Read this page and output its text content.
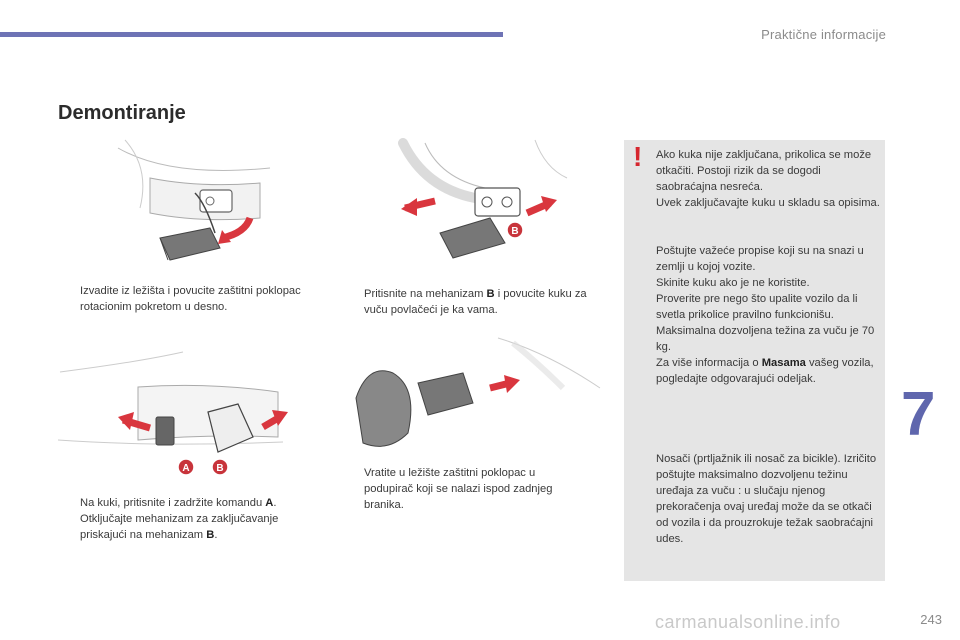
Praktične informacije
7
Demontiranje
B
A	B
Izvadite iz ležišta i povucite zaštitni poklopac rotacionim pokretom u desno.
Pritisnite na mehanizam B i povucite kuku za vuču povlačeći je ka vama.
Na kuki, pritisnite i zadržite komandu A.
Otključajte mehanizam za zaključavanje priskajući na mehanizam B.
Vratite u ležište zaštitni poklopac u podupirač koji se nalazi ispod zadnjeg branika.
! Ako kuka nije zaključana, prikolica se može otkačiti. Postoji rizik da se dogodi saobraćajna nesreća.
Uvek zaključavajte kuku u skladu sa opisima.
Poštujte važeće propise koji su na snazi u zemlji u kojoj vozite.
Skinite kuku ako je ne koristite.
Proverite pre nego što upalite vozilo da li svetla prikolice pravilno funkcionišu.
Maksimalna dozvoljena težina za vuču je 70 kg.
Za više informacija o Masama vašeg vozila, pogledajte odgovarajući odeljak.
Nosači (prtljažnik ili nosač za bicikle). Izričito poštujte maksimalno dozvoljenu težinu uređaja za vuču : u slučaju njenog prekoračenja ovaj uređaj može da se otkači od vozila i da prouzrokuje težak saobraćajni udes.
carmanualsonline.info	243
